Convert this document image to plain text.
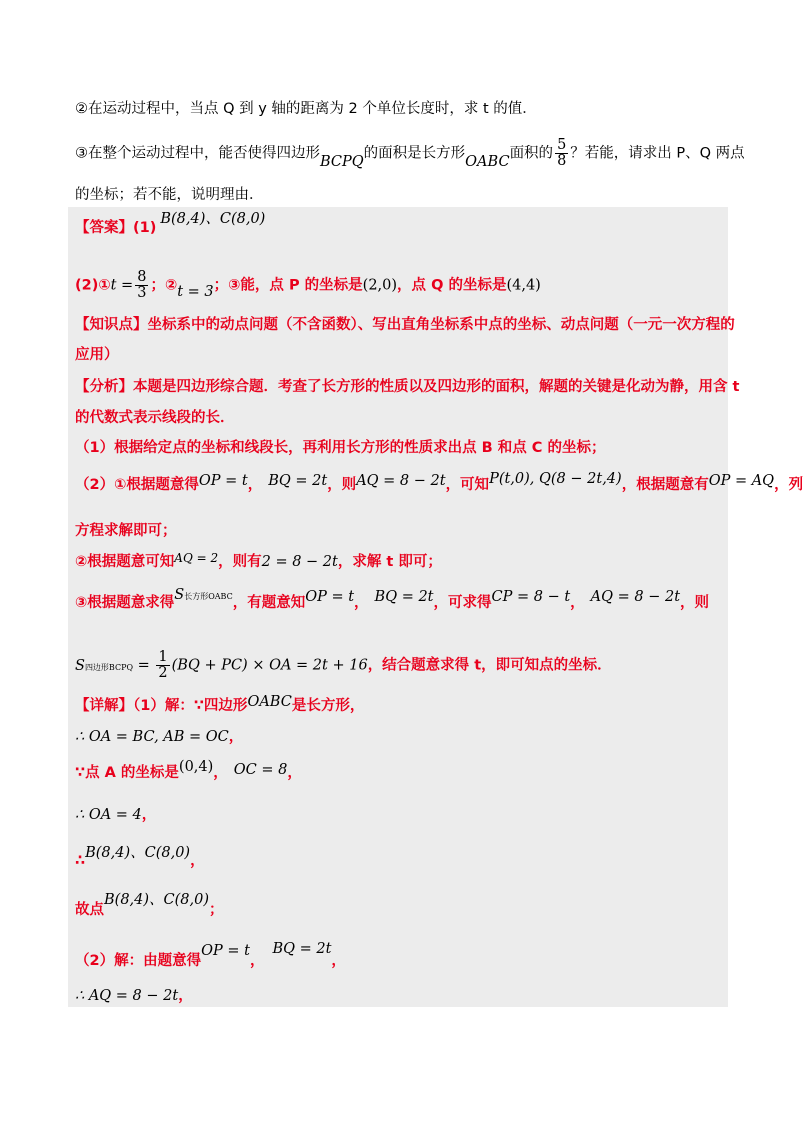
②在运动过程中，当点 Q 到 y 轴的距离为 2 个单位长度时，求 t 的值．
③在整个运动过程中，能否使得四边形BCPQ的面积是长方形OABC面积的 $\frac{5}{8}$ ？若能，请求出 P、Q 两点
的坐标；若不能，说明理由．
【答案】(1)B(8,4)、C(8,0)
(2)①t = $\frac{8}{3}$ ；②t = 3；③能，点 P 的坐标是(2,0)，点 Q 的坐标是(4,4)
【知识点】坐标系中的动点问题（不含函数）、写出直角坐标系中点的坐标、动点问题（一元一次方程的
应用）
【分析】本题是四边形综合题．考查了长方形的性质以及四边形的面积，解题的关键是化动为静，用含 t
的代数式表示线段的长．
（1）根据给定点的坐标和线段长，再利用长方形的性质求出点 B 和点 C 的坐标；
（2）①根据题意得OP = t， BQ = 2t，则AQ = 8 − 2t，可知P(t,0), Q(8 − 2t,4)，根据题意有OP = AQ，列
方程求解即可；
②根据题意可知$^{AQ = 2}$，则有2 = 8 − 2t，求解 t 即可；
③根据题意求得S长方形OABC，有题意知OP = t， BQ = 2t，可求得CP = 8 − t， AQ = 8 − 2t，则
S四边形BCPQ = $\frac{1}{2} (BQ + PC)$ × OA = 2t + 16，结合题意求得 t，即可知点的坐标．
【详解】（1）解：∵四边形OABC是长方形，
∴ OA = BC, AB = OC，
∵点 A 的坐标是(0,4)， OC = 8，
∴ OA = 4，
∴B(8,4)、C(8,0)，
故点B(8,4)、C(8,0)；
（2）解：由题意得OP = t，BQ = 2t，
∴ AQ = 8 − 2t，
